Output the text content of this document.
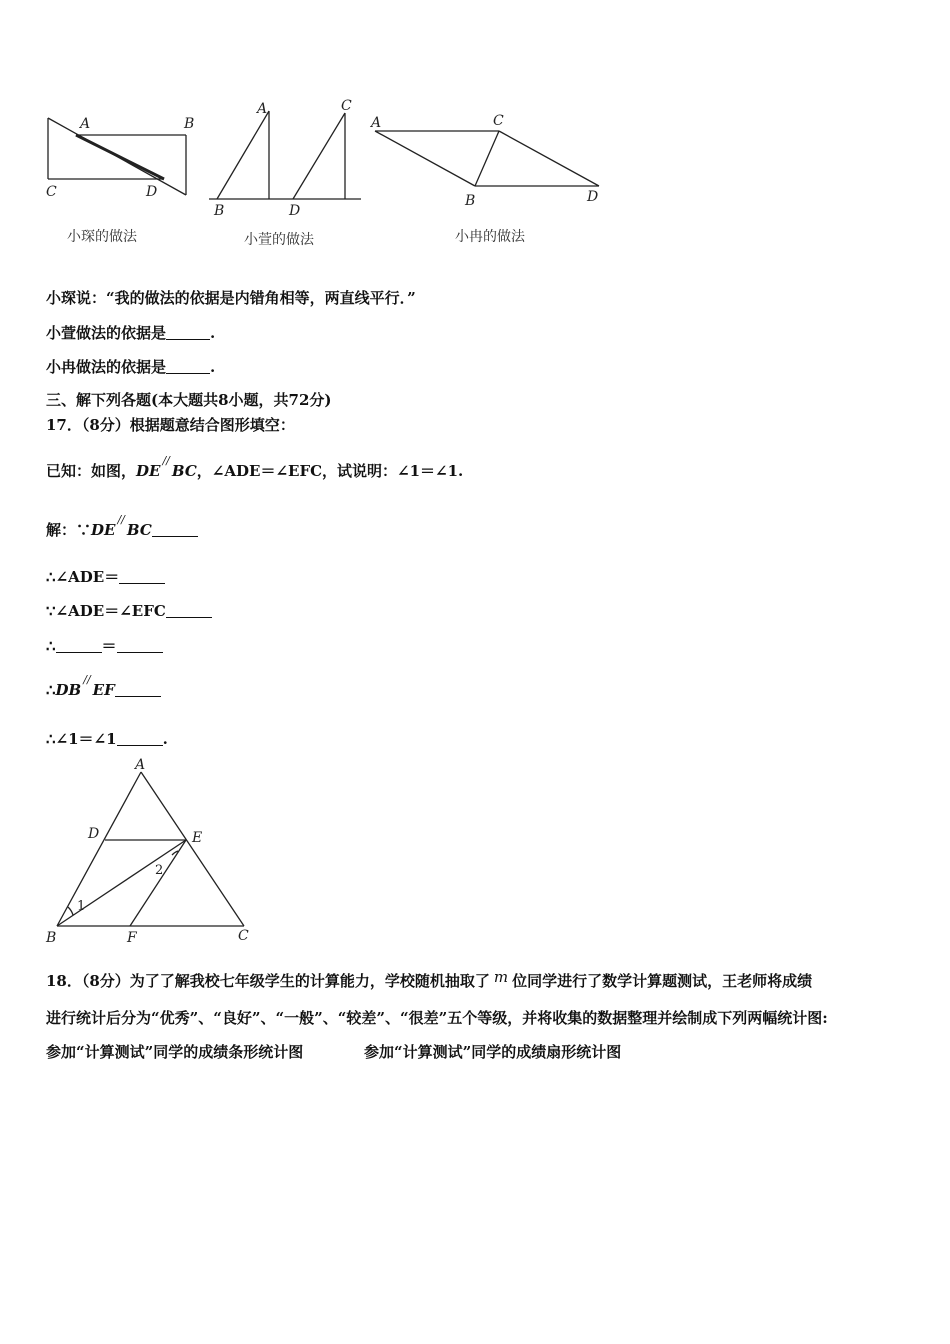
A	B
C	D
小琛的做法
A	C
B	D
小萱的做法
A	C
B	D
小冉的做法
小琛说：“我的做法的依据是内错角相等，两直线平行．”
小萱做法的依据是	.
小冉做法的依据是	.
三、解下列各题(本大题共8小题，共72分)
17．（8分）根据题意结合图形填空：
已知：如图，DE//BC，∠ADE＝∠EFC，试说明：∠1＝∠1.
解：∵DE//BC
∴∠ADE＝
∵∠ADE＝∠EFC
∴	＝
∴DB//EF
∴∠1＝∠1	.
A
D	E
B	F	C
1
2
18．（8分）为了了解我校七年级学生的计算能力，学校随机抽取了 m 位同学进行了数学计算题测试，王老师将成绩
进行统计后分为“优秀”、“良好”、“一般”、“较差”、“很差”五个等级，并将收集的数据整理并绘制成下列两幅统计图:
参加“计算测试”同学的成绩条形统计图	参加“计算测试”同学的成绩扇形统计图
